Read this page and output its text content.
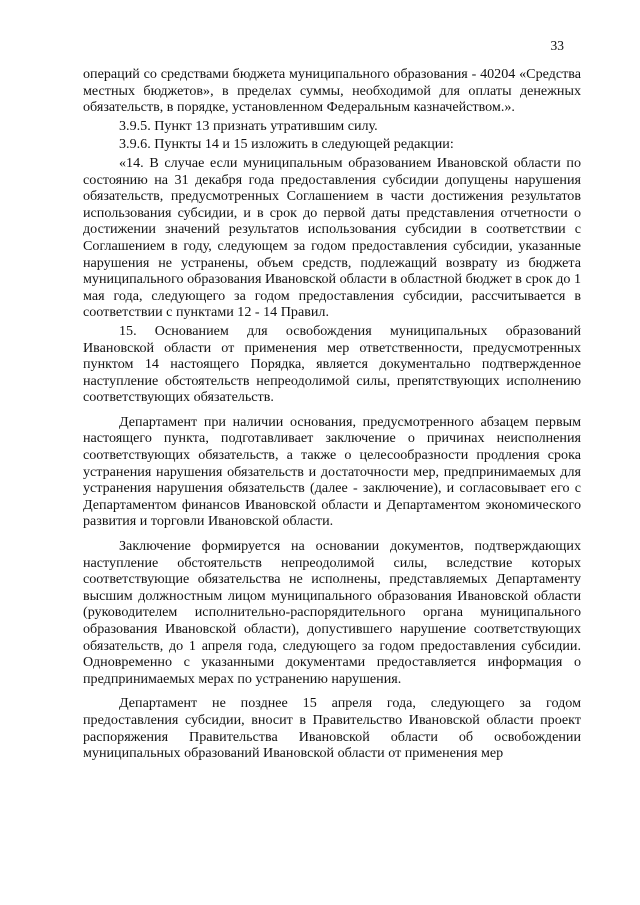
33

операций со средствами бюджета муниципального образования - 40204 «Средства местных бюджетов», в пределах суммы, необходимой для оплаты денежных обязательств, в порядке, установленном Федеральным казначейством.».

3.9.5. Пункт 13 признать утратившим силу.

3.9.6. Пункты 14 и 15 изложить в следующей редакции:

«14. В случае если муниципальным образованием Ивановской области по состоянию на 31 декабря года предоставления субсидии допущены нарушения обязательств, предусмотренных Соглашением в части достижения результатов использования субсидии, и в срок до первой даты представления отчетности о достижении значений результатов использования субсидии в соответствии с Соглашением в году, следующем за годом предоставления субсидии, указанные нарушения не устранены, объем средств, подлежащий возврату из бюджета муниципального образования Ивановской области в областной бюджет в срок до 1 мая года, следующего за годом предоставления субсидии, рассчитывается в соответствии с пунктами 12 - 14 Правил.

15. Основанием для освобождения муниципальных образований Ивановской области от применения мер ответственности, предусмотренных пунктом 14 настоящего Порядка, является документально подтвержденное наступление обстоятельств непреодолимой силы, препятствующих исполнению соответствующих обязательств.

Департамент при наличии основания, предусмотренного абзацем первым настоящего пункта, подготавливает заключение о причинах неисполнения соответствующих обязательств, а также о целесообразности продления срока устранения нарушения обязательств и достаточности мер, предпринимаемых для устранения нарушения обязательств (далее - заключение), и согласовывает его с Департаментом финансов Ивановской области и Департаментом экономического развития и торговли Ивановской области.

Заключение формируется на основании документов, подтверждающих наступление обстоятельств непреодолимой силы, вследствие которых соответствующие обязательства не исполнены, представляемых Департаменту высшим должностным лицом муниципального образования Ивановской области (руководителем исполнительно-распорядительного органа муниципального образования Ивановской области), допустившего нарушение соответствующих обязательств, до 1 апреля года, следующего за годом предоставления субсидии. Одновременно с указанными документами предоставляется информация о предпринимаемых мерах по устранению нарушения.

Департамент не позднее 15 апреля года, следующего за годом предоставления субсидии, вносит в Правительство Ивановской области проект распоряжения Правительства Ивановской области об освобождении муниципальных образований Ивановской области от применения мер
